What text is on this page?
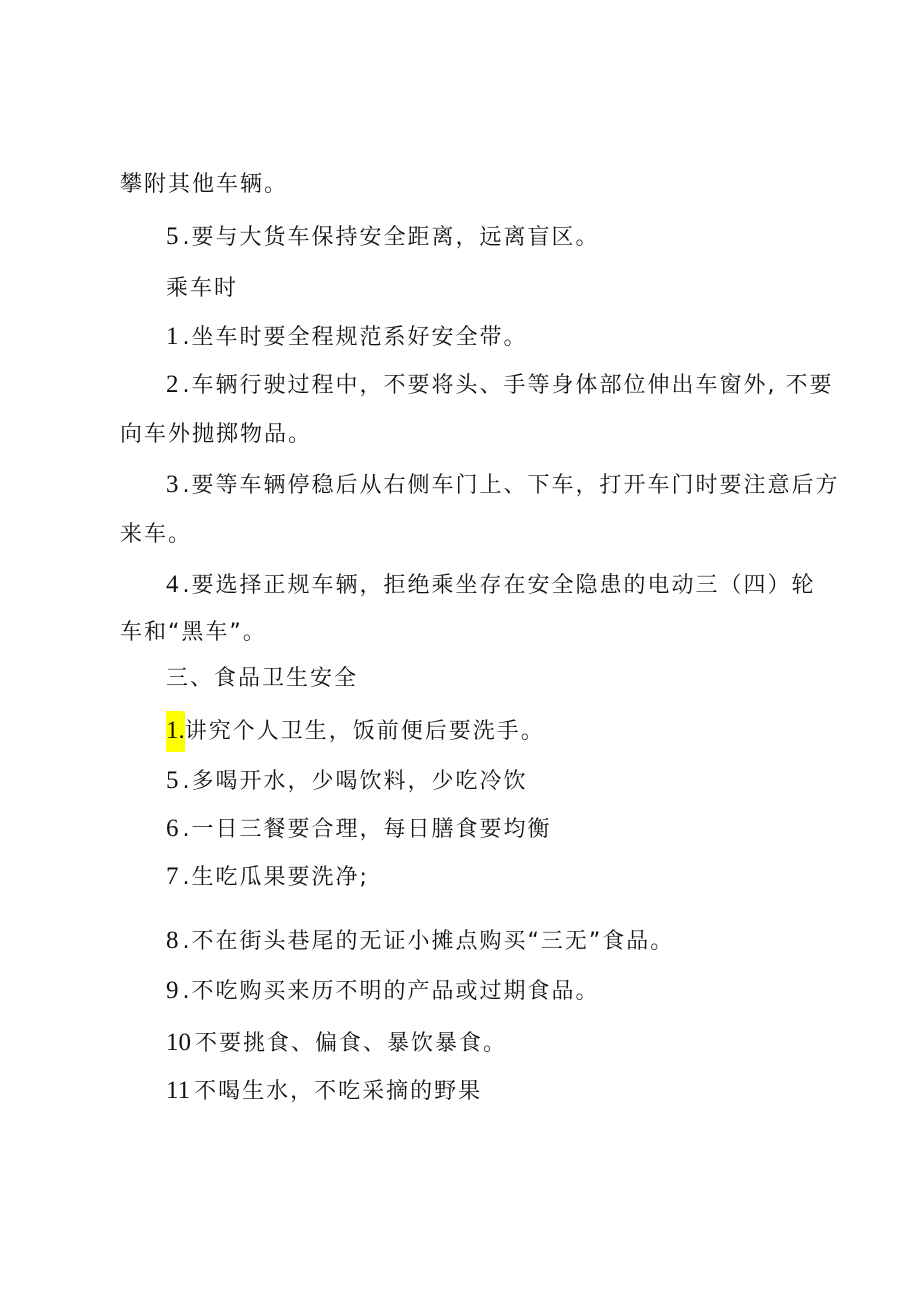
攀附其他车辆。
5 .要与大货车保持安全距离，远离盲区。
乘车时
1 .坐车时要全程规范系好安全带。
2 .车辆行驶过程中，不要将头、手等身体部位伸出车窗外, 不要
向车外抛掷物品。
3 .要等车辆停稳后从右侧车门上、下车，打开车门时要注意后方
来车。
4 .要选择正规车辆，拒绝乘坐存在安全隐患的电动三（四）轮
车和“黑车”。
三、食品卫生安全
1.讲究个人卫生，饭前便后要洗手。
5 .多喝开水，少喝饮料，少吃冷饮
6 .一日三餐要合理，每日膳食要均衡
7 .生吃瓜果要洗净;
8 .不在街头巷尾的无证小摊点购买“三无”食品。
9 .不吃购买来历不明的产品或过期食品。
10 不要挑食、偏食、暴饮暴食。
11 不喝生水，不吃采摘的野果
